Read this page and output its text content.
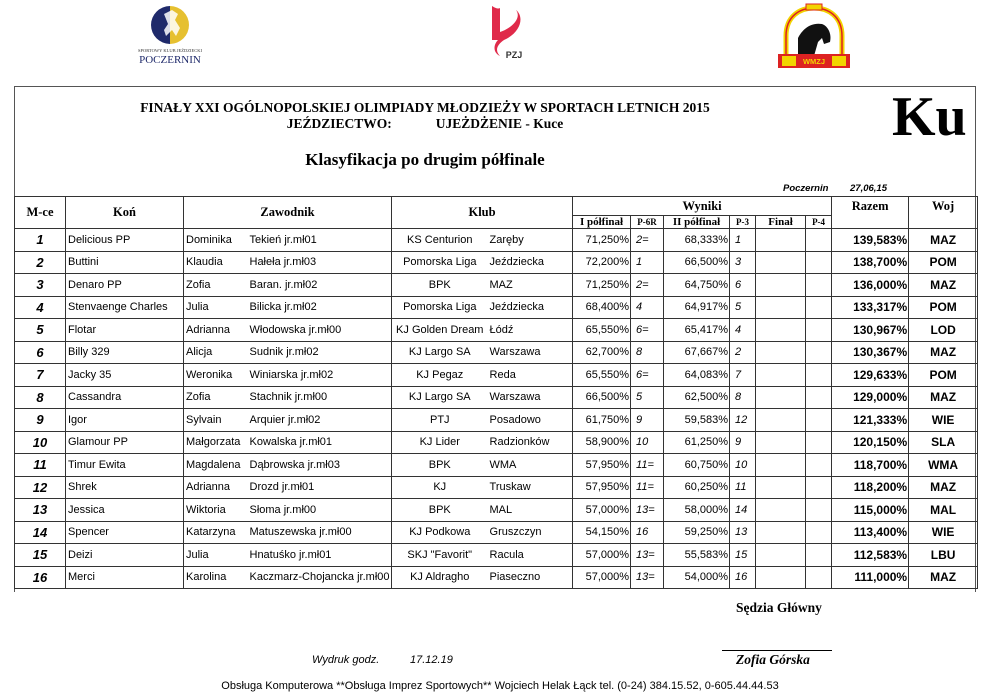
SPORTOWY KLUB JEŹDZIECKI
POCZERNIN	PZJ
WMZJ
FINAŁY XXI OGÓLNOPOLSKIEJ OLIMPIADY MŁODZIEŻY W SPORTACH LETNICH 2015
JEŹDZIECTWO:	UJEŻDŻENIE - Kuce
Klasyfikacja po drugim półfinale
Ku
Poczernin 27,06,15
M-ce	Koń	Zawodnik		Klub		Wyniki						Razem	Woj
						I półfinał	P-6R	II półfinał	P-3	Finał	P-4		
1	Delicious PP	Dominika	Tekień jr.mł01	KS Centurion	Zaręby	71,250%	2=	68,333%	1			139,583%	MAZ
2	Buttini	Klaudia	Hałeła jr.mł03	Pomorska Liga	Jeździecka	72,200%	1	66,500%	3			138,700%	POM
3	Denaro PP	Zofia	Baran. jr.mł02	BPK	MAZ	71,250%	2=	64,750%	6			136,000%	MAZ
4	Stenvaenge Charles	Julia	Bilicka jr.mł02	Pomorska Liga	Jeździecka	68,400%	4	64,917%	5			133,317%	POM
5	Flotar	Adrianna	Włodowska jr.mł00	KJ Golden Dream	Łódź	65,550%	6=	65,417%	4			130,967%	LOD
6	Billy 329	Alicja	Sudnik jr.mł02	KJ Largo SA	Warszawa	62,700%	8	67,667%	2			130,367%	MAZ
7	Jacky 35	Weronika	Winiarska jr.mł02	KJ Pegaz	Reda	65,550%	6=	64,083%	7			129,633%	POM
8	Cassandra	Zofia	Stachnik jr.mł00	KJ Largo SA	Warszawa	66,500%	5	62,500%	8			129,000%	MAZ
9	Igor	Sylvain	Arquier jr.mł02	PTJ	Posadowo	61,750%	9	59,583%	12			121,333%	WIE
10	Glamour PP	Małgorzata	Kowalska jr.mł01	KJ Lider	Radzionków	58,900%	10	61,250%	9			120,150%	SLA
11	Timur Ewita	Magdalena	Dąbrowska jr.mł03	BPK	WMA	57,950%	11=	60,750%	10			118,700%	WMA
12	Shrek	Adrianna	Drozd jr.mł01	KJ	Truskaw	57,950%	11=	60,250%	11			118,200%	MAZ
13	Jessica	Wiktoria	Słoma jr.mł00	BPK	MAL	57,000%	13=	58,000%	14			115,000%	MAL
14	Spencer	Katarzyna	Matuszewska jr.mł00	KJ Podkowa	Gruszczyn	54,150%	16	59,250%	13			113,400%	WIE
15	Deizi	Julia	Hnatuśko jr.mł01	SKJ "Favorit"	Racula	57,000%	13=	55,583%	15			112,583%	LBU
16	Merci	Karolina	Kaczmarz-Chojancka jr.mł00	KJ Aldragho	Piaseczno	57,000%	13=	54,000%	16			111,000%	MAZ
Sędzia Główny
Zofia Górska
Wydruk godz.	17.12.19
Obsługa Komputerowa **Obsługa Imprez Sportowych** Wojciech Helak Łąck tel. (0-24) 384.15.52, 0-605.44.44.53
